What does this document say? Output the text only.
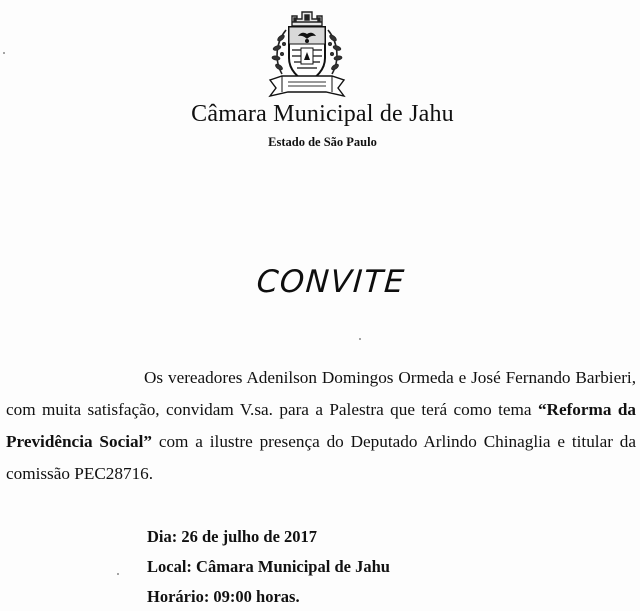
Câmara Municipal de Jahu
Estado de São Paulo
CONVITE

Os vereadores Adenilson Domingos Ormeda e José Fernando Barbieri, com muita satisfação, convidam V.sa. para a Palestra que terá como tema “Reforma da Previdência Social” com a ilustre presença do Deputado Arlindo Chinaglia e titular da comissão PEC28716.

Dia: 26 de julho de 2017
Local: Câmara Municipal de Jahu
Horário: 09:00 horas.
